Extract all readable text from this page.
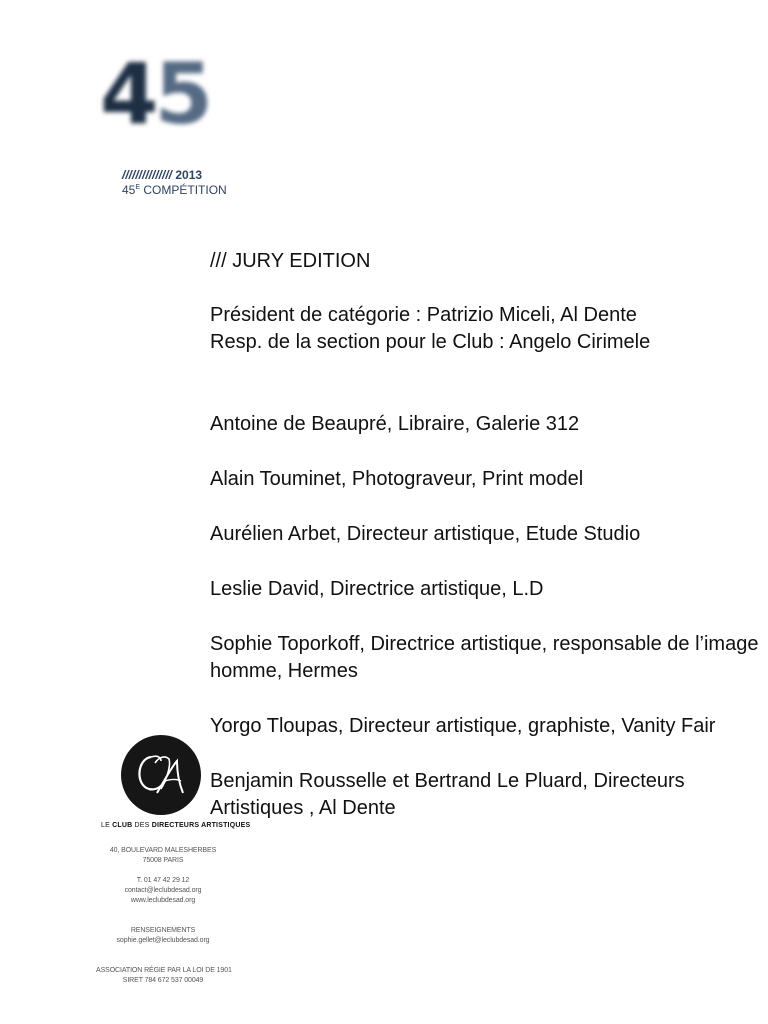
45
/////////////// 2013
$45^E$ COMPÉTITION

/// JURY EDITION

Président de catégorie : Patrizio Miceli, Al Dente

Resp. de la section pour le Club : Angelo Cirimele

Antoine de Beaupré, Libraire, Galerie 312

Alain Touminet, Photograveur, Print model

Aurélien Arbet, Directeur artistique, Etude Studio

Leslie David, Directrice artistique, L.D

Sophie Toporkoff, Directrice artistique, responsable de l’image homme, Hermes

Yorgo Tloupas, Directeur artistique, graphiste, Vanity Fair

Benjamin Rousselle et Bertrand Le Pluard, Directeurs Artistiques , Al Dente

LE CLUB DES DIRECTEURS ARTISTIQUES
40, BOULEVARD MALESHERBES
75008 PARIS
T. 01 47 42 29 12
contact@leclubdesad.org
www.leclubdesad.org
RENSEIGNEMENTS
sophie.gellet@leclubdesad.org
ASSOCIATION RÉGIE PAR LA LOI DE 1901
SIRET 784 672 537 00049
